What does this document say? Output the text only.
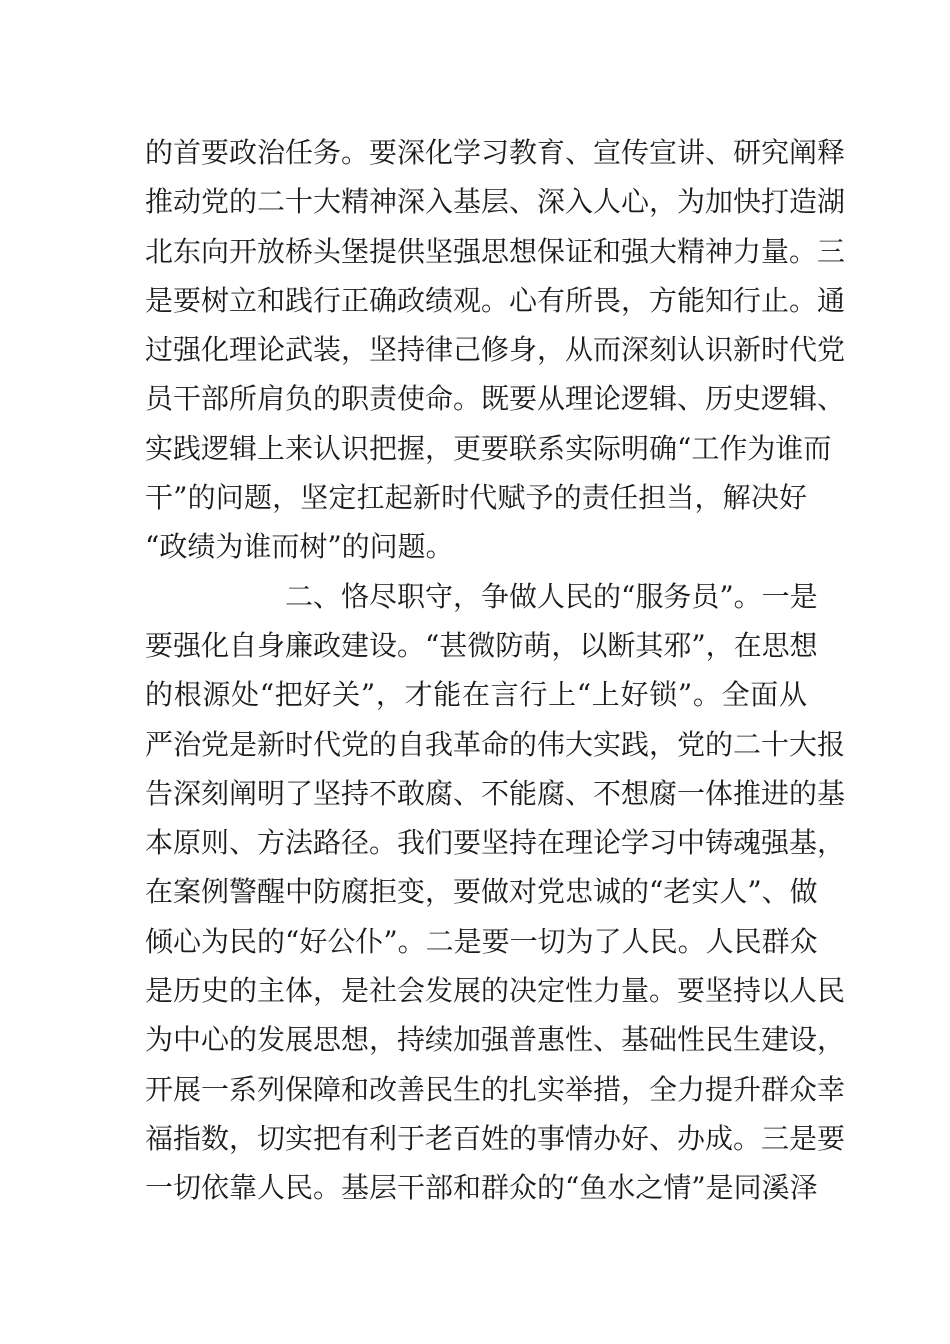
的首要政治任务。要深化学习教育、宣传宣讲、研究阐释
推动党的二十大精神深入基层、深入人心，为加快打造湖
北东向开放桥头堡提供坚强思想保证和强大精神力量。三
是要树立和践行正确政绩观。心有所畏，方能知行止。通
过强化理论武装，坚持律己修身，从而深刻认识新时代党
员干部所肩负的职责使命。既要从理论逻辑、历史逻辑、
实践逻辑上来认识把握，更要联系实际明确“工作为谁而
干”的问题，坚定扛起新时代赋予的责任担当，解决好
“政绩为谁而树”的问题。
二、恪尽职守，争做人民的“服务员”。一是
要强化自身廉政建设。“甚微防萌，以断其邪”，在思想
的根源处“把好关”，才能在言行上“上好锁”。全面从
严治党是新时代党的自我革命的伟大实践，党的二十大报
告深刻阐明了坚持不敢腐、不能腐、不想腐一体推进的基
本原则、方法路径。我们要坚持在理论学习中铸魂强基，
在案例警醒中防腐拒变，要做对党忠诚的“老实人”、做
倾心为民的“好公仆”。二是要一切为了人民。人民群众
是历史的主体，是社会发展的决定性力量。要坚持以人民
为中心的发展思想，持续加强普惠性、基础性民生建设，
开展一系列保障和改善民生的扎实举措，全力提升群众幸
福指数，切实把有利于老百姓的事情办好、办成。三是要
一切依靠人民。基层干部和群众的“鱼水之情”是同溪泽
